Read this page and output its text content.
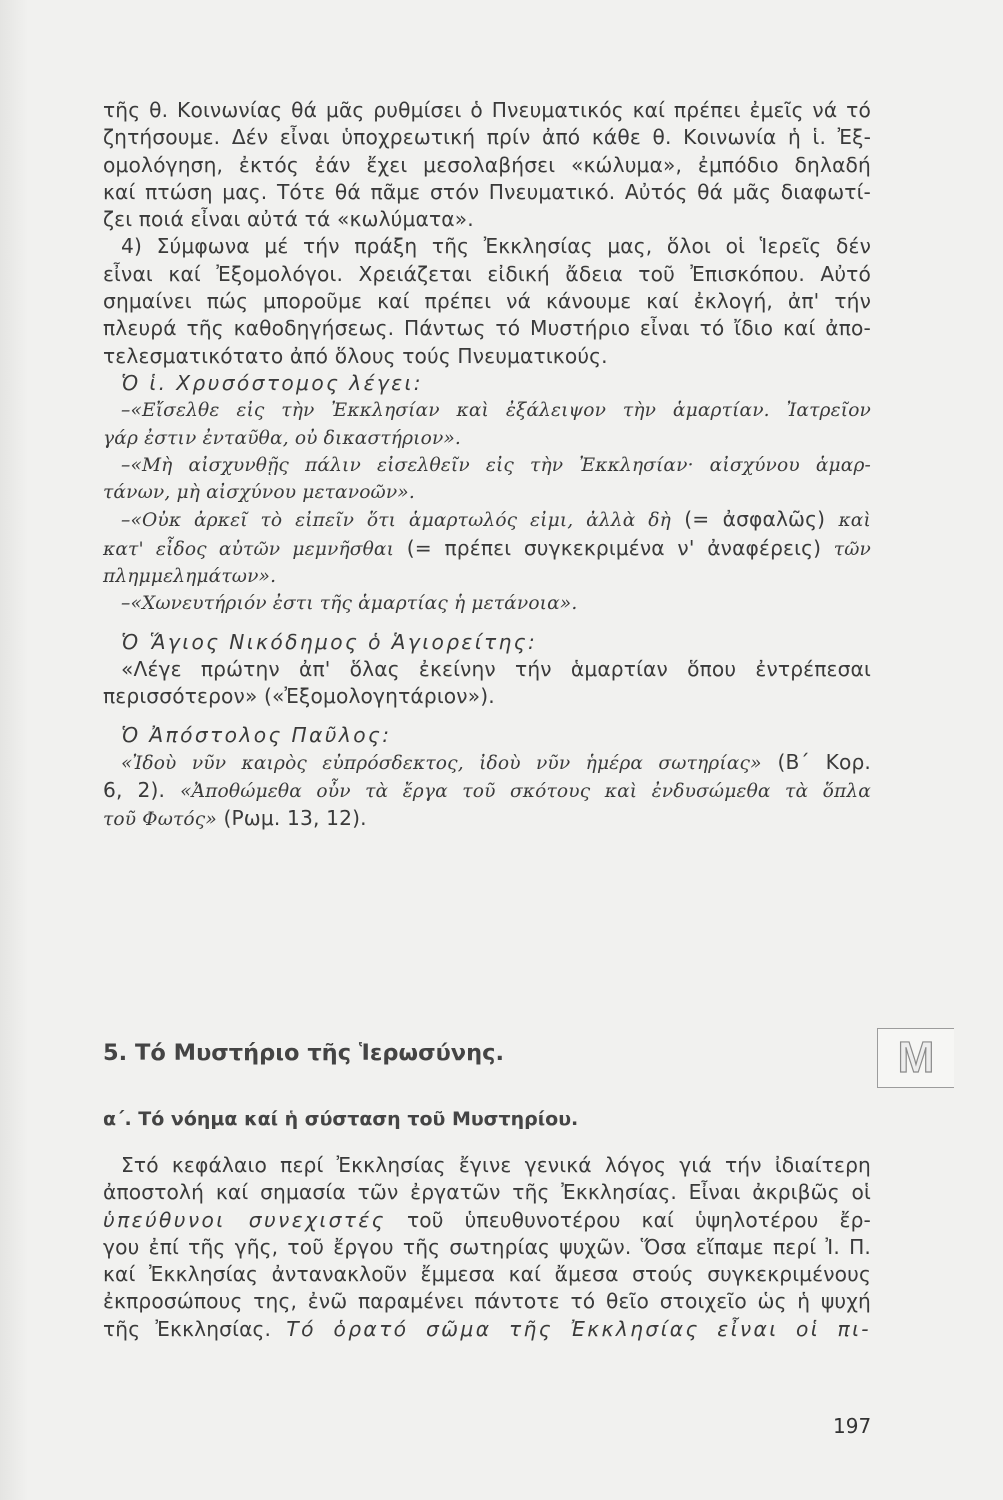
τῆς θ. Κοινωνίας θά μᾶς ρυθμίσει ὁ Πνευματικός καί πρέπει ἐμεῖς νά τό

ζητήσουμε. Δέν εἶναι ὑποχρεωτική πρίν ἀπό κάθε θ. Κοινωνία ἡ ἱ. Ἐξ-

ομολόγηση, ἐκτός ἐάν ἔχει μεσολαβήσει «κώλυμα», ἐμπόδιο δηλαδή

καί πτώση μας. Τότε θά πᾶμε στόν Πνευματικό. Αὐτός θά μᾶς διαφωτί-

ζει ποιά εἶναι αὐτά τά «κωλύματα».

4) Σύμφωνα μέ τήν πράξη τῆς Ἐκκλησίας μας, ὅλοι οἱ Ἱερεῖς δέν

εἶναι καί Ἐξομολόγοι. Χρειάζεται εἰδική ἄδεια τοῦ Ἐπισκόπου. Αὐτό

σημαίνει πώς μποροῦμε καί πρέπει νά κάνουμε καί ἐκλογή, ἀπ' τήν

πλευρά τῆς καθοδηγήσεως. Πάντως τό Μυστήριο εἶναι τό ἴδιο καί ἀπο-

τελεσματικότατο ἀπό ὅλους τούς Πνευματικούς.

Ὁ ἱ. Χρυσόστομος λέγει:

–«Εἴσελθε εἰς τὴν Ἐκκλησίαν καὶ ἐξάλειψον τὴν ἁμαρτίαν. Ἰατρεῖον

γάρ ἐστιν ἐνταῦθα, οὐ δικαστήριον».

–«Μὴ αἰσχυνθῇς πάλιν εἰσελθεῖν εἰς τὴν Ἐκκλησίαν· αἰσχύνου ἁμαρ-

τάνων, μὴ αἰσχύνου μετανοῶν».

–«Οὐκ ἀρκεῖ τὸ εἰπεῖν ὅτι ἁμαρτωλός εἰμι, ἀλλὰ δὴ (= ἀσφαλῶς) καὶ

κατ' εἶδος αὐτῶν μεμνῆσθαι (= πρέπει συγκεκριμένα ν' ἀναφέρεις) τῶν

πλημμελημάτων».

–«Χωνευτήριόν ἐστι τῆς ἁμαρτίας ἡ μετάνοια».

Ὁ Ἅγιος Νικόδημος ὁ Ἁγιορείτης:

«Λέγε πρώτην ἀπ' ὅλας ἐκείνην τήν ἁμαρτίαν ὅπου ἐντρέπεσαι

περισσότερον» («Ἐξομολογητάριον»).

Ὁ Ἀπόστολος Παῦλος:

«Ἰδοὺ νῦν καιρὸς εὐπρόσδεκτος, ἰδοὺ νῦν ἡμέρα σωτηρίας» (Β΄ Κορ.

6, 2). «Ἀποθώμεθα οὖν τὰ ἔργα τοῦ σκότους καὶ ἐνδυσώμεθα τὰ ὅπλα

τοῦ Φωτός» (Ρωμ. 13, 12).

5. Τό Μυστήριο τῆς Ἱερωσύνης.	Μ
α΄. Τό νόημα καί ἡ σύσταση τοῦ Μυστηρίου.

Στό κεφάλαιο περί Ἐκκλησίας ἔγινε γενικά λόγος γιά τήν ἰδιαίτερη

ἀποστολή καί σημασία τῶν ἐργατῶν τῆς Ἐκκλησίας. Εἶναι ἀκριβῶς οἱ

ὑπεύθυνοι συνεχιστές τοῦ ὑπευθυνοτέρου καί ὑψηλοτέρου ἔρ-

γου ἐπί τῆς γῆς, τοῦ ἔργου τῆς σωτηρίας ψυχῶν. Ὅσα εἴπαμε περί Ἰ. Π.

καί Ἐκκλησίας ἀντανακλοῦν ἔμμεσα καί ἄμεσα στούς συγκεκριμένους

ἐκπροσώπους της, ἐνῶ παραμένει πάντοτε τό θεῖο στοιχεῖο ὡς ἡ ψυχή

τῆς Ἐκκλησίας. Τό ὁρατό σῶμα τῆς Ἐκκλησίας εἶναι οἱ πι-

197
